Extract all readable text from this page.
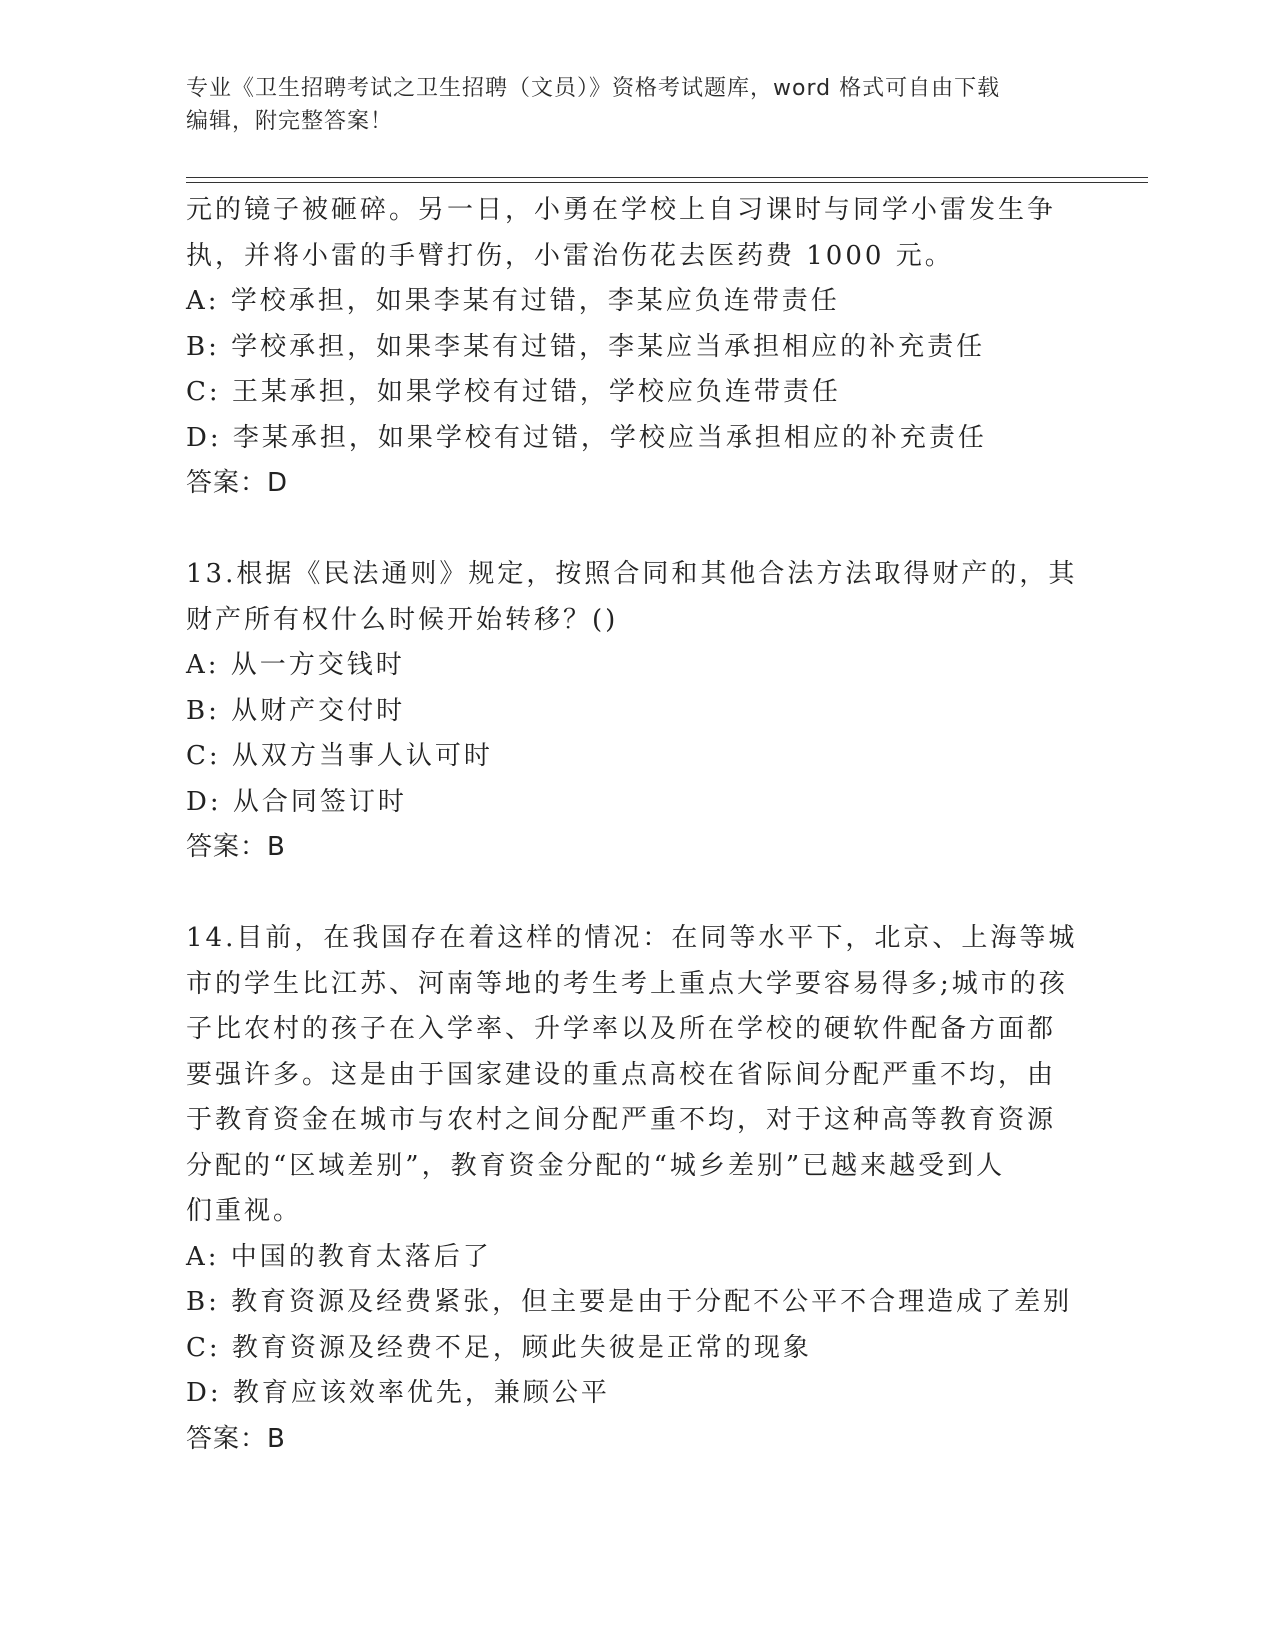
专业《卫生招聘考试之卫生招聘（文员）》资格考试题库，word 格式可自由下载
编辑，附完整答案！
元的镜子被砸碎。另一日，小勇在学校上自习课时与同学小雷发生争
执，并将小雷的手臂打伤，小雷治伤花去医药费 1000 元。
A: 学校承担，如果李某有过错，李某应负连带责任
B: 学校承担，如果李某有过错，李某应当承担相应的补充责任
C: 王某承担，如果学校有过错，学校应负连带责任
D: 李某承担，如果学校有过错，学校应当承担相应的补充责任
答案：D
13.根据《民法通则》规定，按照合同和其他合法方法取得财产的，其
财产所有权什么时候开始转移？()
A: 从一方交钱时
B: 从财产交付时
C: 从双方当事人认可时
D: 从合同签订时
答案：B
14.目前，在我国存在着这样的情况：在同等水平下，北京、上海等城
市的学生比江苏、河南等地的考生考上重点大学要容易得多;城市的孩
子比农村的孩子在入学率、升学率以及所在学校的硬软件配备方面都
要强许多。这是由于国家建设的重点高校在省际间分配严重不均，由
于教育资金在城市与农村之间分配严重不均，对于这种高等教育资源
分配的“区域差别”，教育资金分配的“城乡差别”已越来越受到人
们重视。
A: 中国的教育太落后了
B: 教育资源及经费紧张，但主要是由于分配不公平不合理造成了差别
C: 教育资源及经费不足，顾此失彼是正常的现象
D: 教育应该效率优先，兼顾公平
答案：B
